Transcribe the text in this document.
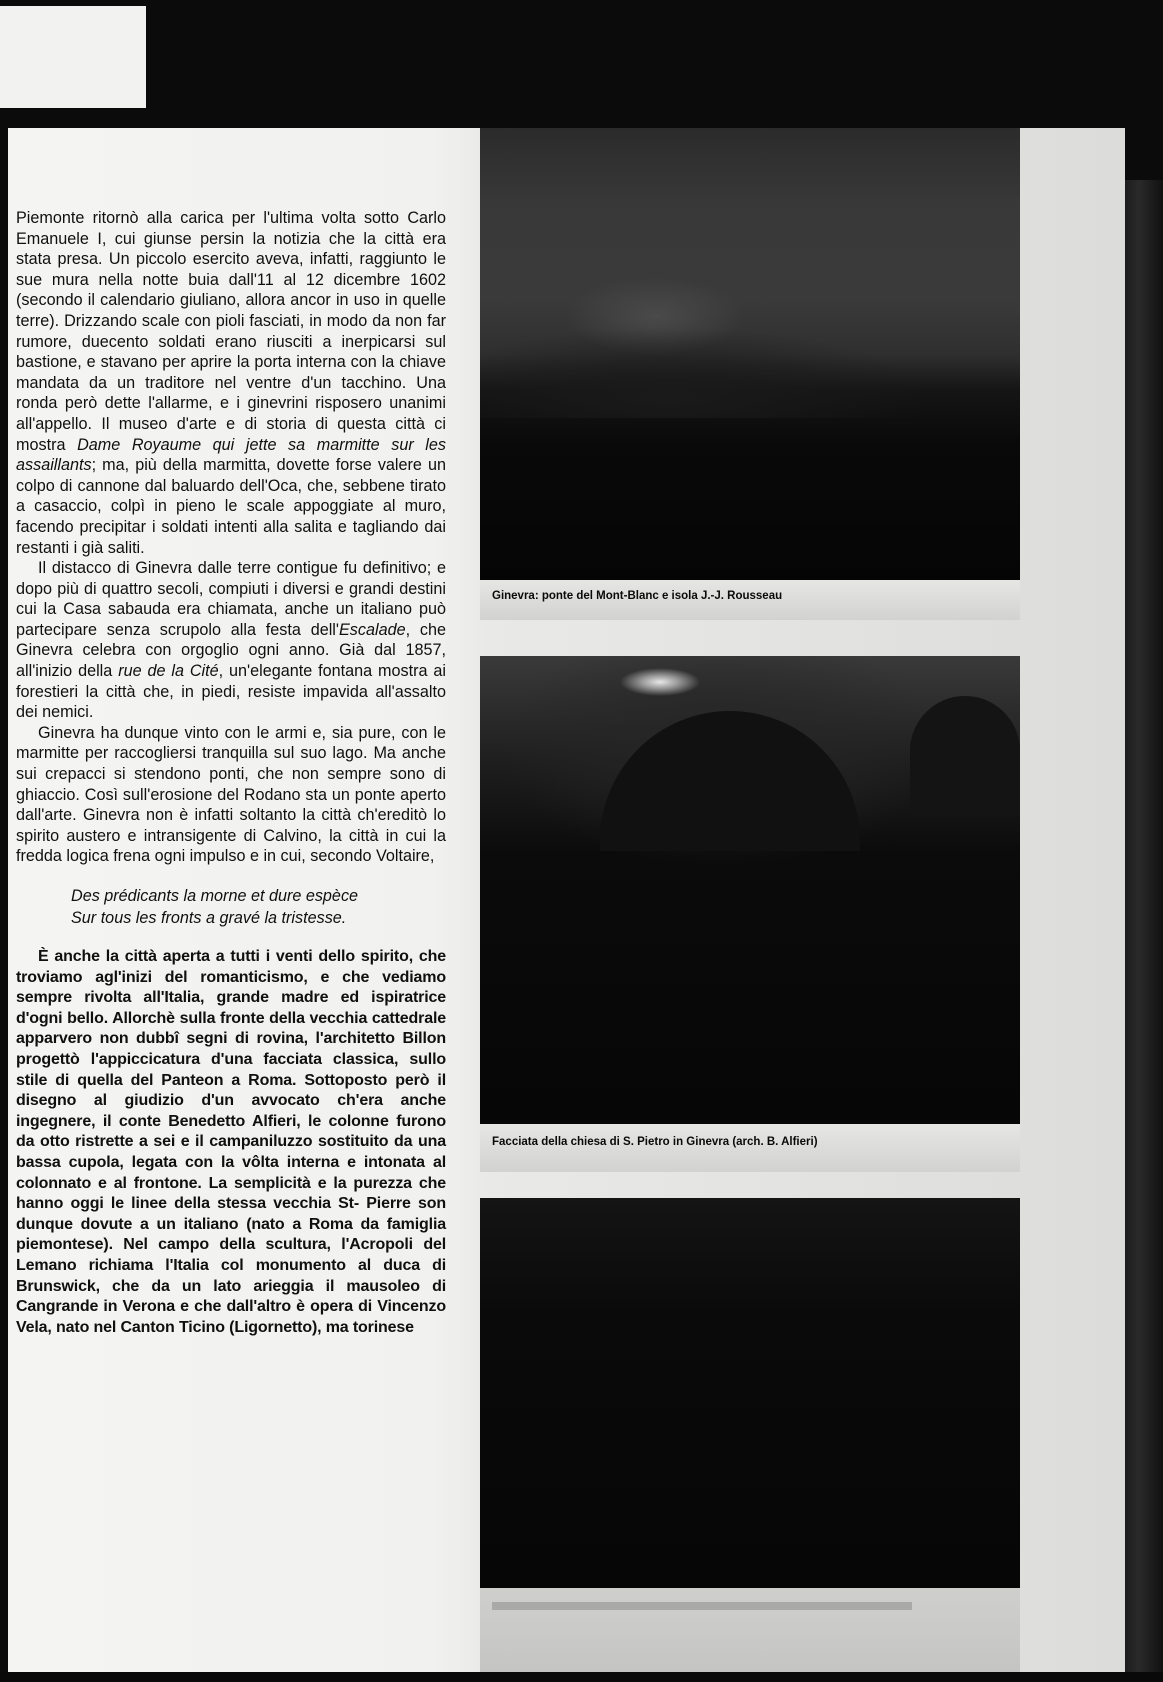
Piemonte ritornò alla carica per l'ultima volta sotto Carlo Emanuele I, cui giunse persin la notizia che la città era stata presa. Un piccolo esercito aveva, infatti, raggiunto le sue mura nella notte buia dall'11 al 12 dicembre 1602 (secondo il calendario giuliano, allora ancor in uso in quelle terre). Drizzando scale con pioli fasciati, in modo da non far rumore, duecento soldati erano riusciti a inerpicarsi sul bastione, e stavano per aprire la porta interna con la chiave mandata da un traditore nel ventre d'un tacchino. Una ronda però dette l'allarme, e i ginevrini risposero unanimi all'appello. Il museo d'arte e di storia di questa città ci mostra Dame Royaume qui jette sa marmitte sur les assaillants; ma, più della marmitta, dovette forse valere un colpo di cannone dal baluardo dell'Oca, che, sebbene tirato a casaccio, colpì in pieno le scale appoggiate al muro, facendo precipitar i soldati intenti alla salita e tagliando dai restanti i già saliti.

Il distacco di Ginevra dalle terre contigue fu definitivo; e dopo più di quattro secoli, compiuti i diversi e grandi destini cui la Casa sabauda era chiamata, anche un italiano può partecipare senza scrupolo alla festa dell'Escalade, che Ginevra celebra con orgoglio ogni anno. Già dal 1857, all'inizio della rue de la Cité, un'elegante fontana mostra ai forestieri la città che, in piedi, resiste impavida all'assalto dei nemici.

Ginevra ha dunque vinto con le armi e, sia pure, con le marmitte per raccogliersi tranquilla sul suo lago. Ma anche sui crepacci si stendono ponti, che non sempre sono di ghiaccio. Così sull'erosione del Rodano sta un ponte aperto dall'arte. Ginevra non è infatti soltanto la città ch'ereditò lo spirito austero e intransigente di Calvino, la città in cui la fredda logica frena ogni impulso e in cui, secondo Voltaire,

Des prédicants la morne et dure espèce
Sur tous les fronts a gravé la tristesse.

È anche la città aperta a tutti i venti dello spirito, che troviamo agl'inizi del romanticismo, e che vediamo sempre rivolta all'Italia, grande madre ed ispiratrice d'ogni bello. Allorchè sulla fronte della vecchia cattedrale apparvero non dubbî segni di rovina, l'architetto Billon progettò l'appiccicatura d'una facciata classica, sullo stile di quella del Panteon a Roma. Sottoposto però il disegno al giudizio d'un avvocato ch'era anche ingegnere, il conte Benedetto Alfieri, le colonne furono da otto ristrette a sei e il campaniluzzo sostituito da una bassa cupola, legata con la vôlta interna e intonata al colonnato e al frontone. La semplicità e la purezza che hanno oggi le linee della stessa vecchia St- Pierre son dunque dovute a un italiano (nato a Roma da famiglia piemontese). Nel campo della scultura, l'Acropoli del Lemano richiama l'Italia col monumento al duca di Brunswick, che da un lato arieggia il mausoleo di Cangrande in Verona e che dall'altro è opera di Vincenzo Vela, nato nel Canton Ticino (Ligornetto), ma torinese

Ginevra: ponte del Mont-Blanc e isola J.-J. Rousseau
Facciata della chiesa di S. Pietro in Ginevra (arch. B. Alfieri)
